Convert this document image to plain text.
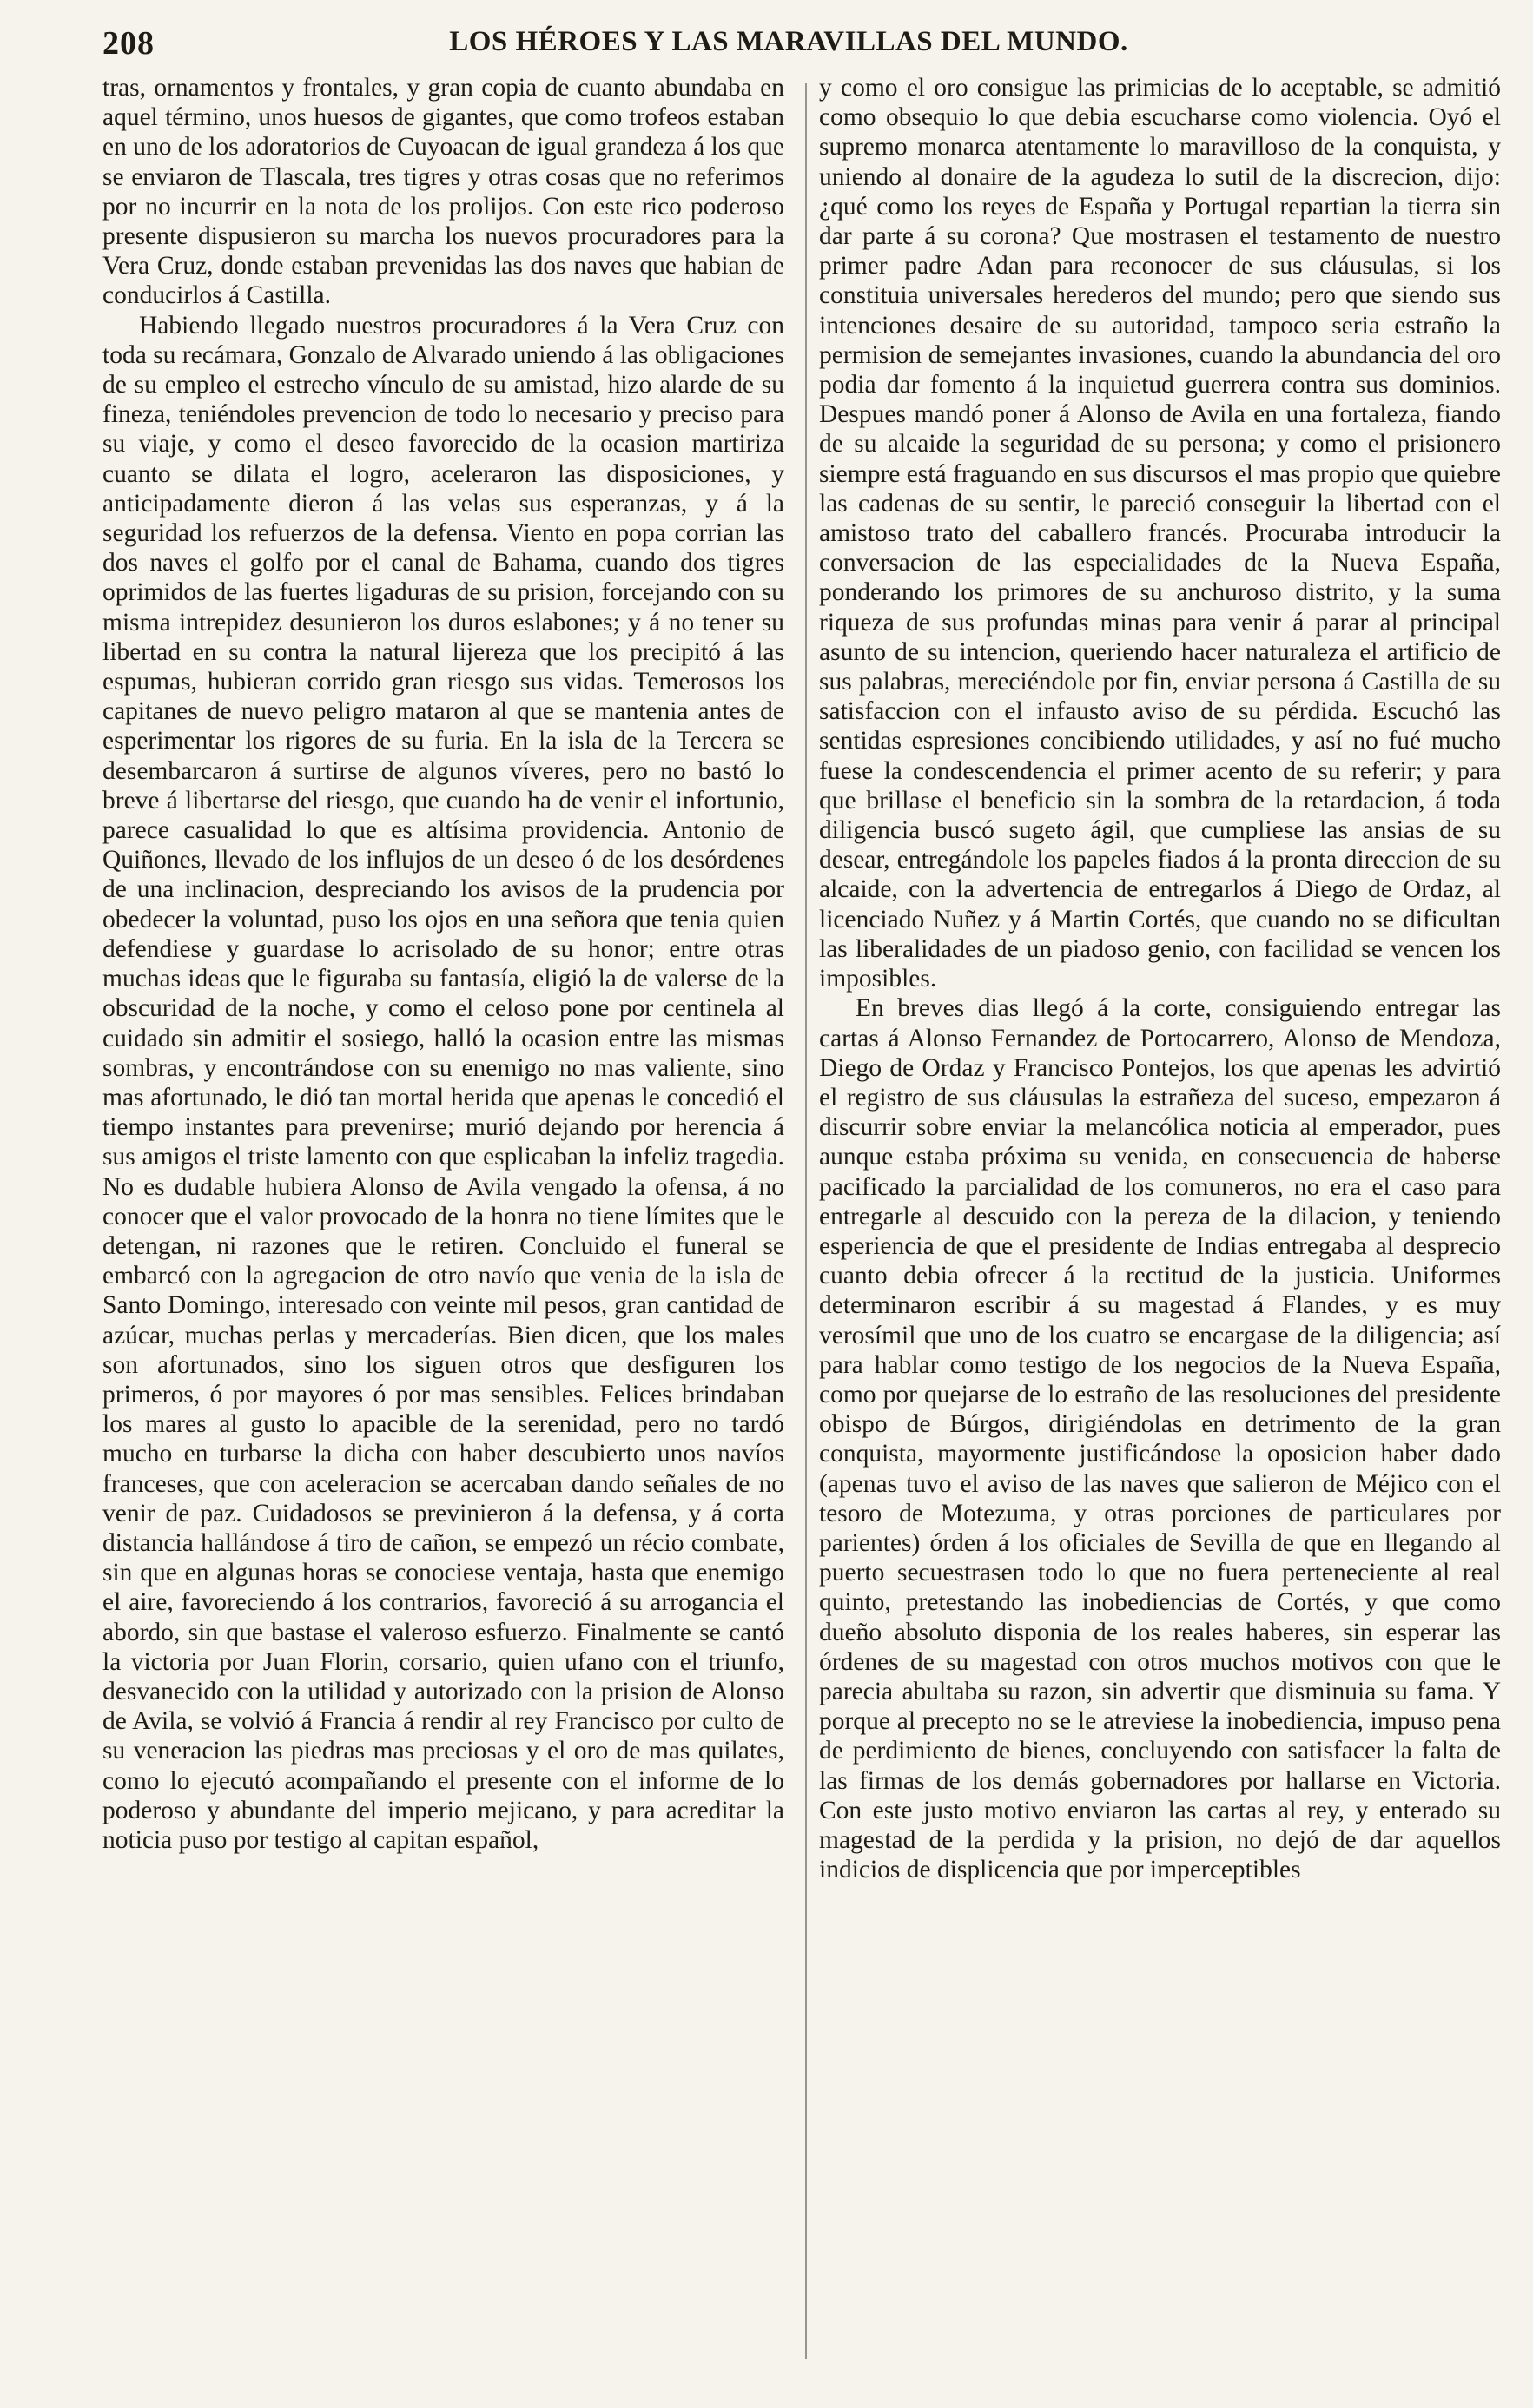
208	LOS HÉROES Y LAS MARAVILLAS DEL MUNDO.

tras, ornamentos y frontales, y gran copia de cuanto abundaba en aquel término, unos huesos de gigantes, que como trofeos estaban en uno de los adoratorios de Cuyoacan de igual grandeza á los que se enviaron de Tlascala, tres tigres y otras cosas que no referimos por no incurrir en la nota de los prolijos. Con este rico poderoso presente dispusieron su marcha los nuevos procuradores para la Vera Cruz, donde estaban prevenidas las dos naves que habian de conducirlos á Castilla.

Habiendo llegado nuestros procuradores á la Vera Cruz con toda su recámara, Gonzalo de Alvarado uniendo á las obligaciones de su empleo el estrecho vínculo de su amistad, hizo alarde de su fineza, teniéndoles prevencion de todo lo necesario y preciso para su viaje, y como el deseo favorecido de la ocasion martiriza cuanto se dilata el logro, aceleraron las disposiciones, y anticipadamente dieron á las velas sus esperanzas, y á la seguridad los refuerzos de la defensa. Viento en popa corrian las dos naves el golfo por el canal de Bahama, cuando dos tigres oprimidos de las fuertes ligaduras de su prision, forcejando con su misma intrepidez desunieron los duros eslabones; y á no tener su libertad en su contra la natural lijereza que los precipitó á las espumas, hubieran corrido gran riesgo sus vidas. Temerosos los capitanes de nuevo peligro mataron al que se mantenia antes de esperimentar los rigores de su furia. En la isla de la Tercera se desembarcaron á surtirse de algunos víveres, pero no bastó lo breve á libertarse del riesgo, que cuando ha de venir el infortunio, parece casualidad lo que es altísima providencia. Antonio de Quiñones, llevado de los influjos de un deseo ó de los desórdenes de una inclinacion, despreciando los avisos de la prudencia por obedecer la voluntad, puso los ojos en una señora que tenia quien defendiese y guardase lo acrisolado de su honor; entre otras muchas ideas que le figuraba su fantasía, eligió la de valerse de la obscuridad de la noche, y como el celoso pone por centinela al cuidado sin admitir el sosiego, halló la ocasion entre las mismas sombras, y encontrándose con su enemigo no mas valiente, sino mas afortunado, le dió tan mortal herida que apenas le concedió el tiempo instantes para prevenirse; murió dejando por herencia á sus amigos el triste lamento con que esplicaban la infeliz tragedia. No es dudable hubiera Alonso de Avila vengado la ofensa, á no conocer que el valor provocado de la honra no tiene límites que le detengan, ni razones que le retiren. Concluido el funeral se embarcó con la agregacion de otro navío que venia de la isla de Santo Domingo, interesado con veinte mil pesos, gran cantidad de azúcar, muchas perlas y mercaderías. Bien dicen, que los males son afortunados, sino los siguen otros que desfiguren los primeros, ó por mayores ó por mas sensibles. Felices brindaban los mares al gusto lo apacible de la serenidad, pero no tardó mucho en turbarse la dicha con haber descubierto unos navíos franceses, que con aceleracion se acercaban dando señales de no venir de paz. Cuidadosos se previnieron á la defensa, y á corta distancia hallándose á tiro de cañon, se empezó un récio combate, sin que en algunas horas se conociese ventaja, hasta que enemigo el aire, favoreciendo á los contrarios, favoreció á su arrogancia el abordo, sin que bastase el valeroso esfuerzo. Finalmente se cantó la victoria por Juan Florin, corsario, quien ufano con el triunfo, desvanecido con la utilidad y autorizado con la prision de Alonso de Avila, se volvió á Francia á rendir al rey Francisco por culto de su veneracion las piedras mas preciosas y el oro de mas quilates, como lo ejecutó acompañando el presente con el informe de lo poderoso y abundante del imperio mejicano, y para acreditar la noticia puso por testigo al capitan español,

y como el oro consigue las primicias de lo aceptable, se admitió como obsequio lo que debia escucharse como violencia. Oyó el supremo monarca atentamente lo maravilloso de la conquista, y uniendo al donaire de la agudeza lo sutil de la discrecion, dijo: ¿qué como los reyes de España y Portugal repartian la tierra sin dar parte á su corona? Que mostrasen el testamento de nuestro primer padre Adan para reconocer de sus cláusulas, si los constituia universales herederos del mundo; pero que siendo sus intenciones desaire de su autoridad, tampoco seria estraño la permision de semejantes invasiones, cuando la abundancia del oro podia dar fomento á la inquietud guerrera contra sus dominios. Despues mandó poner á Alonso de Avila en una fortaleza, fiando de su alcaide la seguridad de su persona; y como el prisionero siempre está fraguando en sus discursos el mas propio que quiebre las cadenas de su sentir, le pareció conseguir la libertad con el amistoso trato del caballero francés. Procuraba introducir la conversacion de las especialidades de la Nueva España, ponderando los primores de su anchuroso distrito, y la suma riqueza de sus profundas minas para venir á parar al principal asunto de su intencion, queriendo hacer naturaleza el artificio de sus palabras, mereciéndole por fin, enviar persona á Castilla de su satisfaccion con el infausto aviso de su pérdida. Escuchó las sentidas espresiones concibiendo utilidades, y así no fué mucho fuese la condescendencia el primer acento de su referir; y para que brillase el beneficio sin la sombra de la retardacion, á toda diligencia buscó sugeto ágil, que cumpliese las ansias de su desear, entregándole los papeles fiados á la pronta direccion de su alcaide, con la advertencia de entregarlos á Diego de Ordaz, al licenciado Nuñez y á Martin Cortés, que cuando no se dificultan las liberalidades de un piadoso genio, con facilidad se vencen los imposibles.

En breves dias llegó á la corte, consiguiendo entregar las cartas á Alonso Fernandez de Portocarrero, Alonso de Mendoza, Diego de Ordaz y Francisco Pontejos, los que apenas les advirtió el registro de sus cláusulas la estrañeza del suceso, empezaron á discurrir sobre enviar la melancólica noticia al emperador, pues aunque estaba próxima su venida, en consecuencia de haberse pacificado la parcialidad de los comuneros, no era el caso para entregarle al descuido con la pereza de la dilacion, y teniendo esperiencia de que el presidente de Indias entregaba al desprecio cuanto debia ofrecer á la rectitud de la justicia. Uniformes determinaron escribir á su magestad á Flandes, y es muy verosímil que uno de los cuatro se encargase de la diligencia; así para hablar como testigo de los negocios de la Nueva España, como por quejarse de lo estraño de las resoluciones del presidente obispo de Búrgos, dirigiéndolas en detrimento de la gran conquista, mayormente justificándose la oposicion haber dado (apenas tuvo el aviso de las naves que salieron de Méjico con el tesoro de Motezuma, y otras porciones de particulares por parientes) órden á los oficiales de Sevilla de que en llegando al puerto secuestrasen todo lo que no fuera perteneciente al real quinto, pretestando las inobediencias de Cortés, y que como dueño absoluto disponia de los reales haberes, sin esperar las órdenes de su magestad con otros muchos motivos con que le parecia abultaba su razon, sin advertir que disminuia su fama. Y porque al precepto no se le atreviese la inobediencia, impuso pena de perdimiento de bienes, concluyendo con satisfacer la falta de las firmas de los demás gobernadores por hallarse en Victoria. Con este justo motivo enviaron las cartas al rey, y enterado su magestad de la perdida y la prision, no dejó de dar aquellos indicios de displicencia que por imperceptibles
